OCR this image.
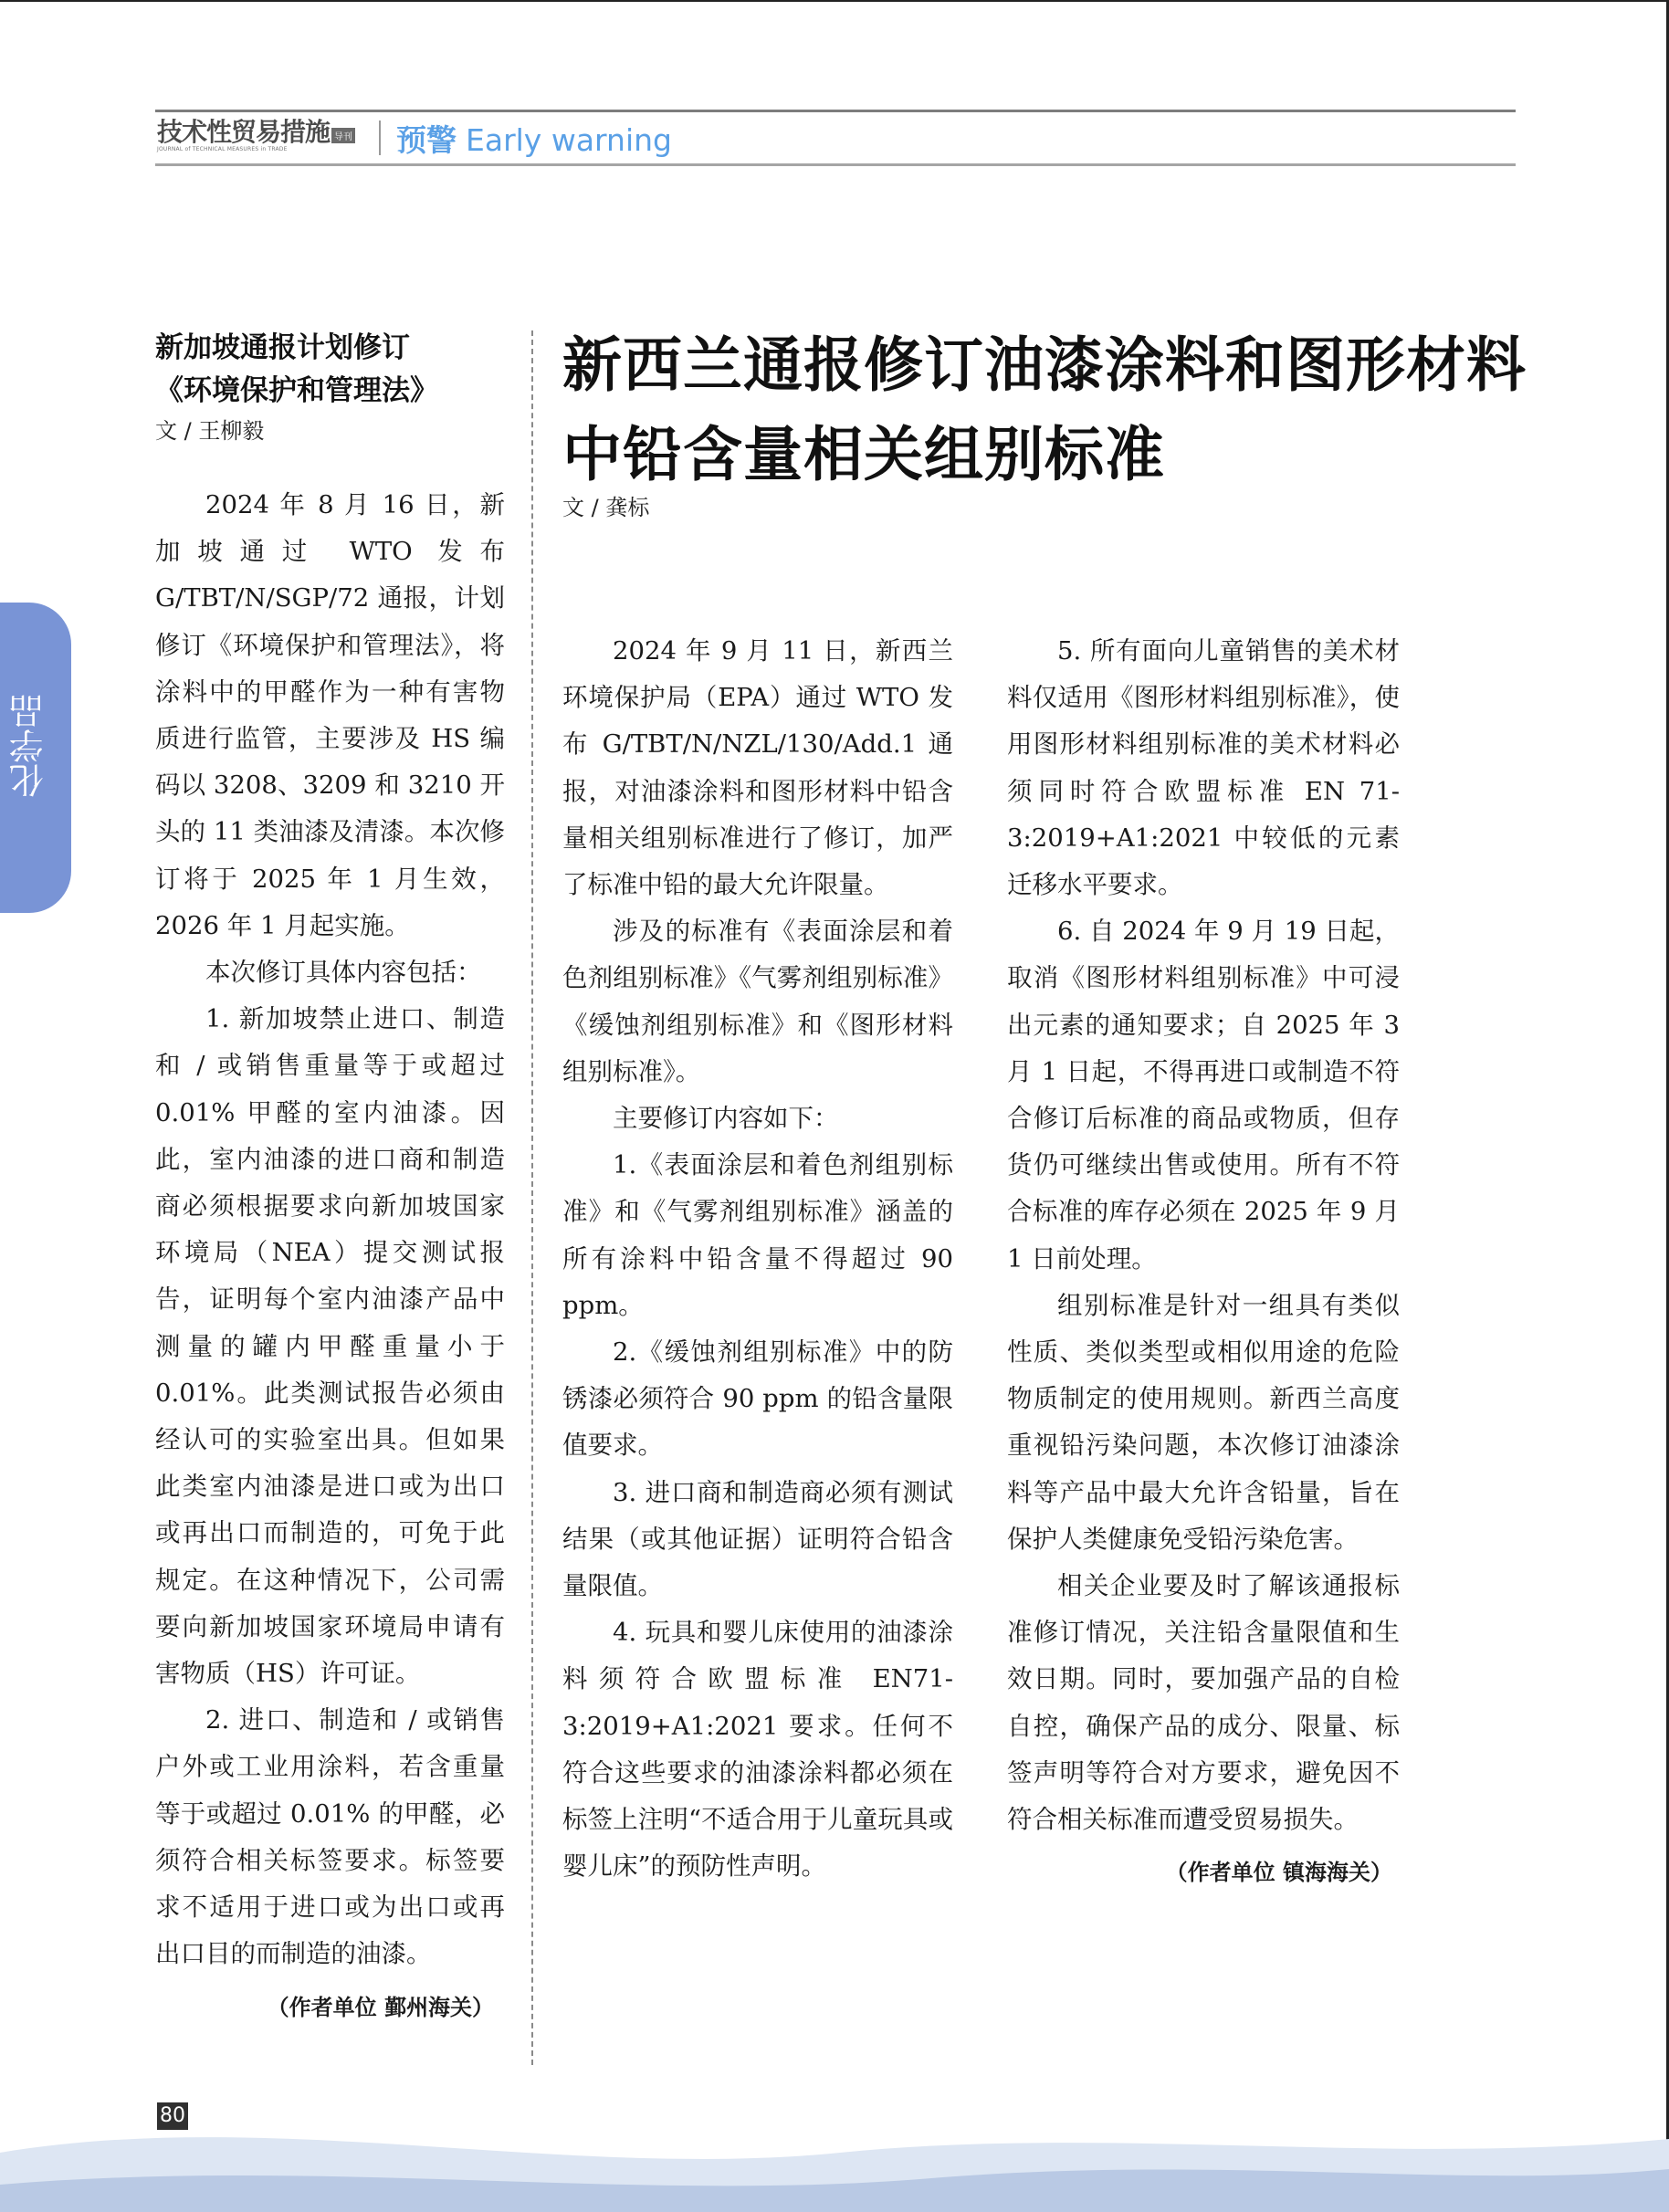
技术性贸易措施 导刊
JOURNAL of TECHNICAL MEASURES in TRADE	预警 Early warning
化学品
新加坡通报计划修订
《环境保护和管理法》
文 / 王柳毅

2024 年 8 月 16 日，新加坡通过 WTO 发布 G/TBT/N/SGP/72 通报，计划修订《环境保护和管理法》，将涂料中的甲醛作为一种有害物质进行监管，主要涉及 HS 编码以 3208、3209 和 3210 开头的 11 类油漆及清漆。本次修订将于 2025 年 1 月生效，2026 年 1 月起实施。

本次修订具体内容包括：

1. 新加坡禁止进口、制造和 / 或销售重量等于或超过 0.01% 甲醛的室内油漆。因此，室内油漆的进口商和制造商必须根据要求向新加坡国家环境局（NEA）提交测试报告，证明每个室内油漆产品中测量的罐内甲醛重量小于 0.01%。此类测试报告必须由经认可的实验室出具。但如果此类室内油漆是进口或为出口或再出口而制造的，可免于此规定。在这种情况下，公司需要向新加坡国家环境局申请有害物质（HS）许可证。

2. 进口、制造和 / 或销售户外或工业用涂料，若含重量等于或超过 0.01% 的甲醛，必须符合相关标签要求。标签要求不适用于进口或为出口或再出口目的而制造的油漆。

（作者单位 鄞州海关）
新西兰通报修订油漆涂料和图形材料中铅含量相关组别标准
文 / 龚标

2024 年 9 月 11 日，新西兰环境保护局（EPA）通过 WTO 发布 G/TBT/N/NZL/130/Add.1 通报，对油漆涂料和图形材料中铅含量相关组别标准进行了修订，加严了标准中铅的最大允许限量。

涉及的标准有《表面涂层和着色剂组别标准》《气雾剂组别标准》《缓蚀剂组别标准》和《图形材料组别标准》。

主要修订内容如下：

1.《表面涂层和着色剂组别标准》和《气雾剂组别标准》涵盖的所有涂料中铅含量不得超过 90 ppm。

2.《缓蚀剂组别标准》中的防锈漆必须符合 90 ppm 的铅含量限值要求。

3. 进口商和制造商必须有测试结果（或其他证据）证明符合铅含量限值。

4. 玩具和婴儿床使用的油漆涂料须符合欧盟标准 EN71-3:2019+A1:2021 要求。任何不符合这些要求的油漆涂料都必须在标签上注明“不适合用于儿童玩具或婴儿床”的预防性声明。

5. 所有面向儿童销售的美术材料仅适用《图形材料组别标准》，使用图形材料组别标准的美术材料必须同时符合欧盟标准 EN 71-3:2019+A1:2021 中较低的元素迁移水平要求。

6. 自 2024 年 9 月 19 日起，取消《图形材料组别标准》中可浸出元素的通知要求；自 2025 年 3 月 1 日起，不得再进口或制造不符合修订后标准的商品或物质，但存货仍可继续出售或使用。所有不符合标准的库存必须在 2025 年 9 月 1 日前处理。

组别标准是针对一组具有类似性质、类似类型或相似用途的危险物质制定的使用规则。新西兰高度重视铅污染问题，本次修订油漆涂料等产品中最大允许含铅量，旨在保护人类健康免受铅污染危害。

相关企业要及时了解该通报标准修订情况，关注铅含量限值和生效日期。同时，要加强产品的自检自控，确保产品的成分、限量、标签声明等符合对方要求，避免因不符合相关标准而遭受贸易损失。

（作者单位 镇海海关）
80
